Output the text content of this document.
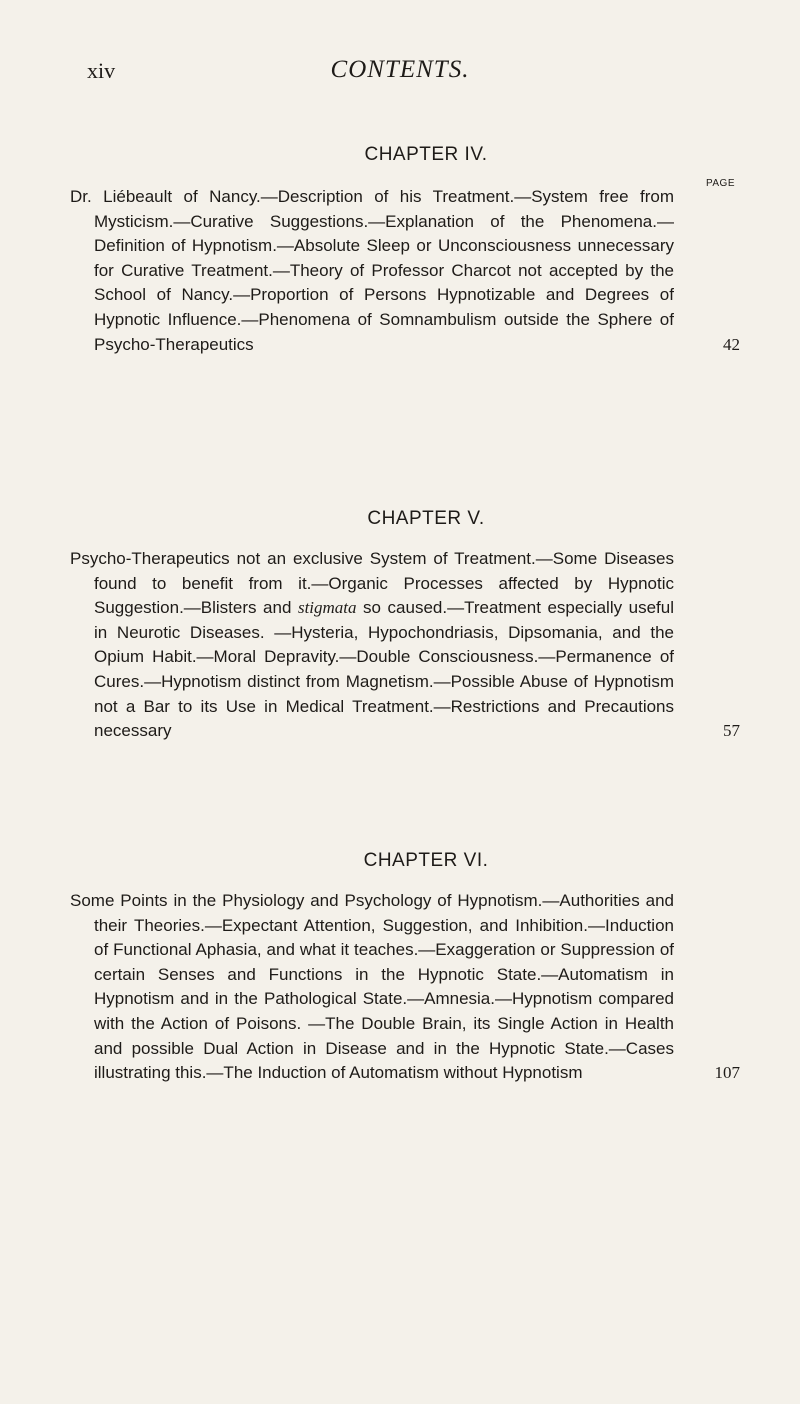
xiv	CONTENTS.
CHAPTER IV.
PAGE

Dr. Liébeault of Nancy.—Description of his Treatment.—System free from Mysticism.—Curative Suggestions.—Explanation of the Phenomena.—Definition of Hypnotism.—Absolute Sleep or Unconsciousness unnecessary for Curative Treatment.—Theory of Professor Charcot not accepted by the School of Nancy.—Proportion of Persons Hypnotizable and Degrees of Hypnotic Influence.—Phenomena of Somnambulism outside the Sphere of Psycho-Therapeutics	42
CHAPTER V.

Psycho-Therapeutics not an exclusive System of Treatment.—Some Diseases found to benefit from it.—Organic Processes affected by Hypnotic Suggestion.—Blisters and stigmata so caused.—Treatment especially useful in Neurotic Diseases. —Hysteria, Hypochondriasis, Dipsomania, and the Opium Habit.—Moral Depravity.—Double Consciousness.—Permanence of Cures.—Hypnotism distinct from Magnetism.—Possible Abuse of Hypnotism not a Bar to its Use in Medical Treatment.—Restrictions and Precautions necessary	57
CHAPTER VI.

Some Points in the Physiology and Psychology of Hypnotism.—Authorities and their Theories.—Expectant Attention, Suggestion, and Inhibition.—Induction of Functional Aphasia, and what it teaches.—Exaggeration or Suppression of certain Senses and Functions in the Hypnotic State.—Automatism in Hypnotism and in the Pathological State.—Amnesia.—Hypnotism compared with the Action of Poisons. —The Double Brain, its Single Action in Health and possible Dual Action in Disease and in the Hypnotic State.—Cases illustrating this.—The Induction of Automatism without Hypnotism	107
